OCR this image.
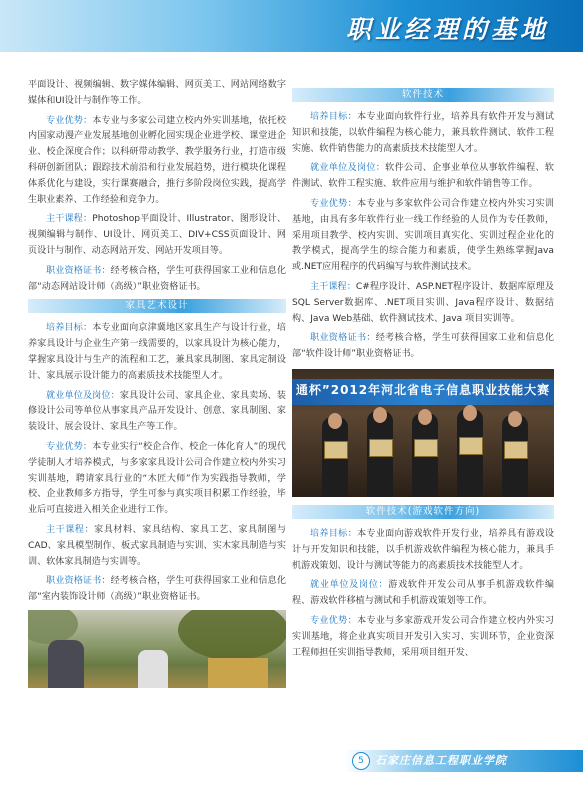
职业经理的基地

平面设计、视频编辑、数字媒体编辑、网页美工、网站网络数字媒体和UI设计与制作等工作。

专业优势：本专业与多家公司建立校内外实训基地，依托校内国家动漫产业发展基地创业孵化园实现企业进学校、课堂进企业、校企深度合作；以科研带动教学、教学服务行业，打造市级科研创新团队；跟踪技术前沿和行业发展趋势，进行模块化课程体系优化与建设，实行课赛融合，推行多阶段岗位实践，提高学生职业素养、工作经验和竞争力。

主干课程：Photoshop平面设计、Illustrator、图形设计、视频编辑与制作、UI设计、网页美工、DIV+CSS页面设计、网页设计与制作、动态网站开发、网站开发项目等。

职业资格证书：经考核合格，学生可获得国家工业和信息化部“动态网站设计师（高级）”职业资格证书。

家具艺术设计

培养目标：本专业面向京津冀地区家具生产与设计行业，培养家具设计与企业生产第一线需要的，以家具设计为核心能力，掌握家具设计与生产的流程和工艺，兼具家具制图、家具定制设计、家具展示设计能力的高素质技术技能型人才。

就业单位及岗位：家具设计公司、家具企业、家具卖场、装修设计公司等单位从事家具产品开发设计、创意、家具制图、家装设计、展会设计、家具生产等工作。

专业优势：本专业实行“校企合作、校企一体化育人”的现代学徒制人才培养模式，与多家家具设计公司合作建立校内外实习实训基地，聘请家具行业的“木匠大师”作为实践指导教师，学校、企业教师多方指导，学生可参与真实项目积累工作经验，毕业后可直接进入相关企业进行工作。

主干课程：家具材料、家具结构、家具工艺、家具制图与CAD、家具模型制作、板式家具制造与实训、实木家具制造与实训、软体家具制造与实训等。

职业资格证书：经考核合格，学生可获得国家工业和信息化部“室内装饰设计师（高级）”职业资格证书。

软件技术

培养目标：本专业面向软件行业，培养具有软件开发与测试知识和技能，以软件编程为核心能力，兼具软件测试、软件工程实施、软件销售能力的高素质技术技能型人才。

就业单位及岗位：软件公司、企事业单位从事软件编程、软件测试、软件工程实施、软件应用与维护和软件销售等工作。

专业优势：本专业与多家软件公司合作建立校内外实习实训基地，由具有多年软件行业一线工作经验的人员作为专任教师，采用项目教学、校内实训、实训项目真实化、实训过程企业化的教学模式，提高学生的综合能力和素质，使学生熟练掌握Java或.NET应用程序的代码编写与软件测试技术。

主干课程：C#程序设计、ASP.NET程序设计、数据库原理及SQL Server数据库、.NET项目实训、Java程序设计、数据结构、Java Web基础、软件测试技术、Java 项目实训等。

职业资格证书：经考核合格，学生可获得国家工业和信息化部“软件设计师”职业资格证书。

通杯”2012年河北省电子信息职业技能大赛
软件技术(游戏软件方向)

培养目标：本专业面向游戏软件开发行业，培养具有游戏设计与开发知识和技能，以手机游戏软件编程为核心能力，兼具手机游戏策划、设计与测试等能力的高素质技术技能型人才。

就业单位及岗位：游戏软件开发公司从事手机游戏软件编程、游戏软件移植与测试和手机游戏策划等工作。

专业优势：本专业与多家游戏开发公司合作建立校内外实习实训基地，将企业真实项目开发引入实习、实训环节，企业资深工程师担任实训指导教师，采用项目组开发、

5	石家庄信息工程职业学院
